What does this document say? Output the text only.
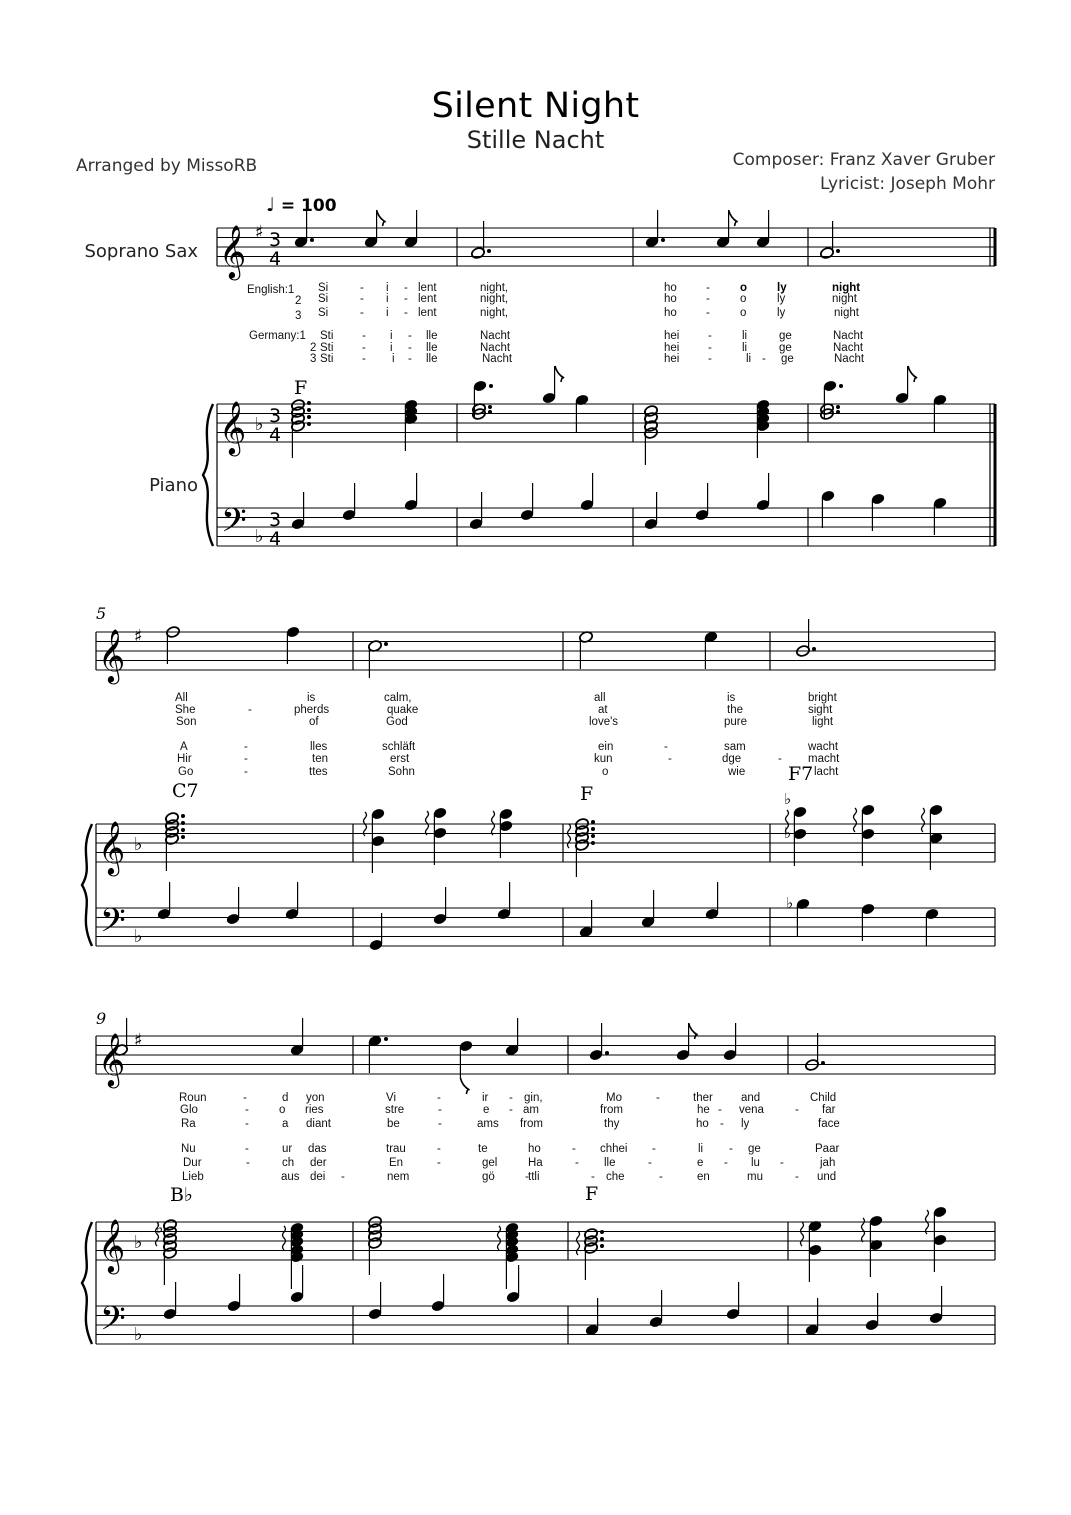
Silent Night
Stille Nacht
Arranged by MissoRB	Composer: Franz Xaver Gruber
Lyricist: Joseph Mohr
♩ = 100
Soprano Sax
Piano
𝄞
𝄞
𝄢
♯
♭
♭
3
4
3
4
3
4
𝄞
𝄞
𝄢
♯
♭
♭
𝄞
𝄞
𝄢
♯
♭
♭
♭
♭
♭
♭
5
9
F
C7	F
F7
B♭	F
English:1
2
3
Germany:1
2
3
Si	- i - lent	night,	ho	-	o	ly	night
Si	- i - lent	night,	ho	-	o	ly	night
Si	- i - lent	night,	ho	-	o	ly	night
Sti - i - lle	Nacht	hei -	li	ge	Nacht
Sti - i - lle	Nacht	hei -	li	ge	Nacht
Sti - i - lle	Nacht	hei -	li - ge	Nacht
All	is	calm,	all	is	bright
She	-	pherds	quake	at	the	sight
Son	of	God	love's	pure	light
A	-	lles	schläft	ein	-	sam	wacht
Hir	-	ten	erst	kun	-	dge	- macht
Go	-	ttes	Sohn	o	wie	lacht
Roun	-	d yon	Vi	-	ir - gin,	Mo	-	ther and	Child
Glo	-	o ries	stre	-	e - am	from	he - vena	- far
Ra	-	a diant	be	-	ams from	thy	ho - ly	face
Nu	-	ur das	trau	-	te	ho	- chhei -	li - ge	Paar
Dur	-	ch der	En	-	gel	Ha	- lle	-	e - lu -	jah
Lieb	aus dei -	nem	gö	- ttli	- che	-	en	mu	- und
